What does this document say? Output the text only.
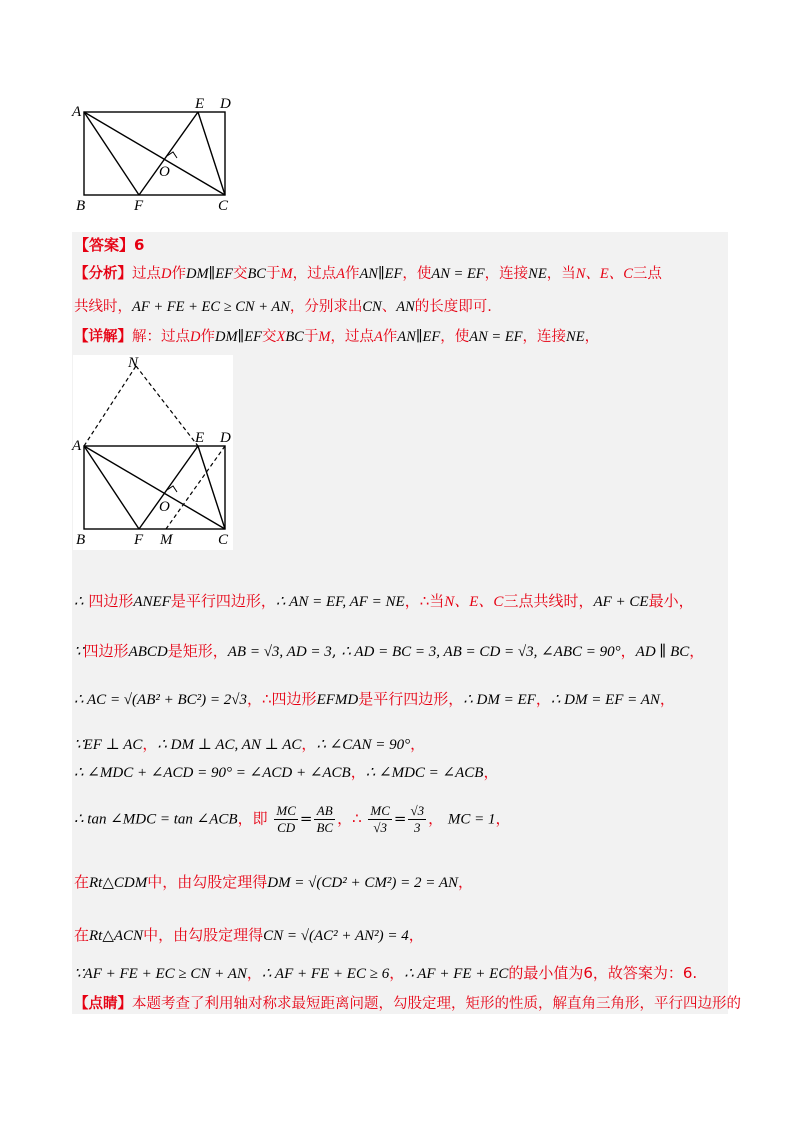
A	E D
O
B	F	C
【答案】6
【分析】过点D作DM∥EF交BC于M，过点A作AN∥EF，使AN = EF，连接NE，当N、E、C三点
共线时，AF + FE + EC ≥ CN + AN，分别求出CN、AN的长度即可.
【详解】解：过点D作DM∥EF交XBC于M，过点A作AN∥EF，使AN = EF，连接NE，
N
A	E D
O
B	F M	C
∴ 四边形ANEF是平行四边形，∴ AN = EF, AF = NE，∴当N、E、C三点共线时，AF + CE最小，
∵四边形ABCD是矩形，AB = √3, AD = 3, ∴ AD = BC = 3, AB = CD = √3, ∠ABC = 90°，AD ∥ BC，
∴ AC = √(AB² + BC²) = 2√3，∴四边形EFMD是平行四边形，∴ DM = EF，∴ DM = EF = AN，
∵EF ⊥ AC，∴ DM ⊥ AC, AN ⊥ AC，∴ ∠CAN = 90°，
∴ ∠MDC + ∠ACD = 90° = ∠ACD + ∠ACB，∴ ∠MDC = ∠ACB，
∴ tan ∠MDC = tan ∠ACB，即 $\frac{MC}{CD} = \frac{AB}{BC}$ ，∴ $\frac{MC}{√3} = \frac{√3}{3}$ ， MC = 1，
在Rt△CDM中，由勾股定理得DM = √(CD² + CM²) = 2 = AN，
在Rt△ACN中，由勾股定理得CN = √(AC² + AN²) = 4，
∵AF + FE + EC ≥ CN + AN，∴ AF + FE + EC ≥ 6，∴ AF + FE + EC的最小值为6，故答案为：6.
【点睛】本题考查了利用轴对称求最短距离问题，勾股定理，矩形的性质，解直角三角形，平行四边形的
